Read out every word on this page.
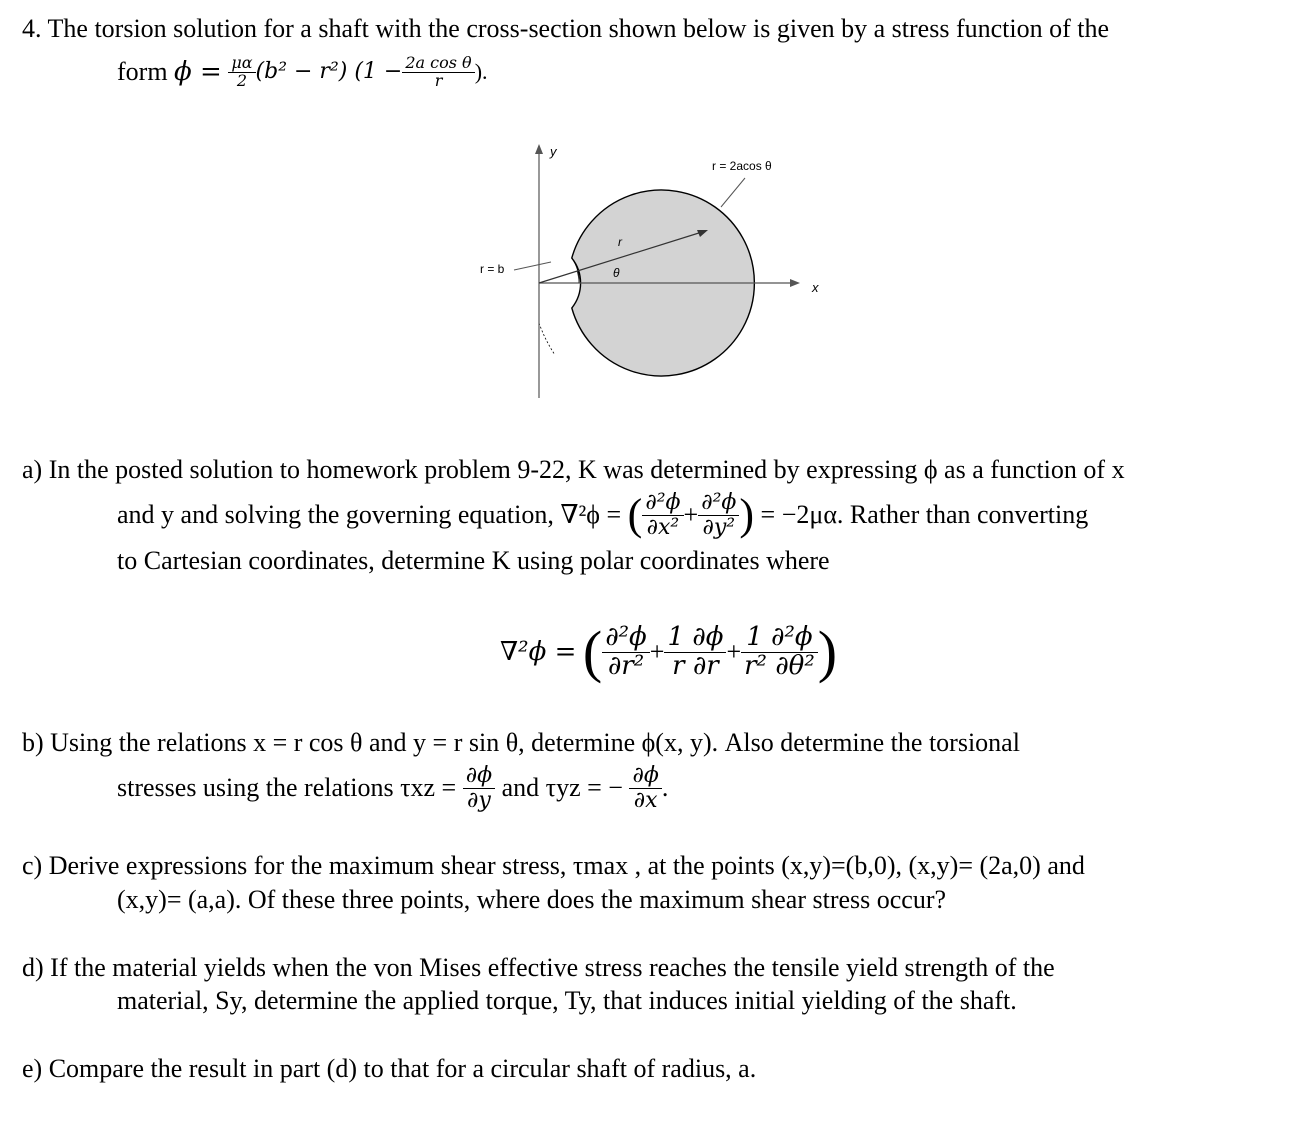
4. The torsion solution for a shaft with the cross-section shown below is given by a stress function of the
form
ϕ =
$\frac{\mu\alpha}{2} (b^2 - r^2) (1 - \frac{\text{2a cos θ}}{r}$ ).
y
x
r = 2acos θ
r = b
r
θ
a) In the posted solution to homework problem 9-22, K was determined by expressing ϕ as a function of x
and y and solving the governing equation, ∇²ϕ =
( $\frac{\text{∂²ϕ}}{\text{∂x²}} + \frac{\text{∂²ϕ}}{\text{∂y²}}$ )
= −2μα. Rather than converting
to Cartesian coordinates, determine K using polar coordinates where
∇²ϕ =
( $\frac{\text{∂²ϕ}}{\text{∂r²}} + \frac{1 \partial\phi}{r \partial r} + \frac{\text{1 ∂²ϕ}}{\text{r² ∂θ²}}$ )
b) Using the relations x = r cos θ and y = r sin θ, determine ϕ(x, y). Also determine the torsional
stresses using the relations τxz =
$\frac{\partial\phi}{\partial y}$
and τyz = −
$\frac{\partial\phi}{\partial x}$ .
c) Derive expressions for the maximum shear stress, τmax , at the points (x,y)=(b,0), (x,y)= (2a,0) and
(x,y)= (a,a). Of these three points, where does the maximum shear stress occur?
d) If the material yields when the von Mises effective stress reaches the tensile yield strength of the
material, Sy, determine the applied torque, Ty, that induces initial yielding of the shaft.
e) Compare the result in part (d) to that for a circular shaft of radius, a.
